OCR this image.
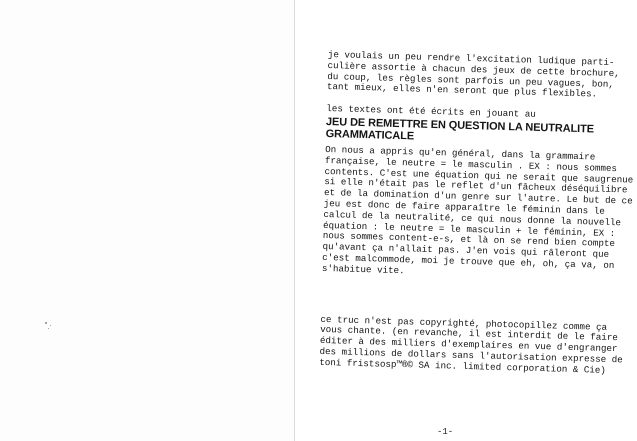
je voulais un peu rendre l'excitation ludique parti-
culière assortie à chacun des jeux de cette brochure,
du coup, les règles sont parfois un peu vagues, bon,
tant mieux, elles n'en seront que plus flexibles.

les textes ont été écrits en jouant au

JEU DE REMETTRE EN QUESTION LA NEUTRALITE
GRAMMATICALE

On nous a appris qu'en général, dans la grammaire
française, le neutre = le masculin . EX : nous sommes
contents. C'est une équation qui ne serait que saugrenue
si elle n'était pas le reflet d'un fâcheux déséquilibre
et de la domination d'un genre sur l'autre. Le but de ce
jeu est donc de faire apparaître le féminin dans le
calcul de la neutralité, ce qui nous donne la nouvelle
équation : le neutre = le masculin + le féminin, EX :
nous sommes content-e-s, et là on se rend bien compte
qu'avant ça n'allait pas. J'en vois qui râleront que
c'est malcommode, moi je trouve que eh, oh, ça va, on
s'habitue vite.

ce truc n'est pas copyrighté, photocopillez comme ça
vous chante. (en revanche, il est interdit de le faire
éditer à des milliers d'exemplaires en vue d'engranger
des millions de dollars sans l'autorisation expresse de
toni fristsosp™®© SA inc. limited corporation & Cie)

-1-
